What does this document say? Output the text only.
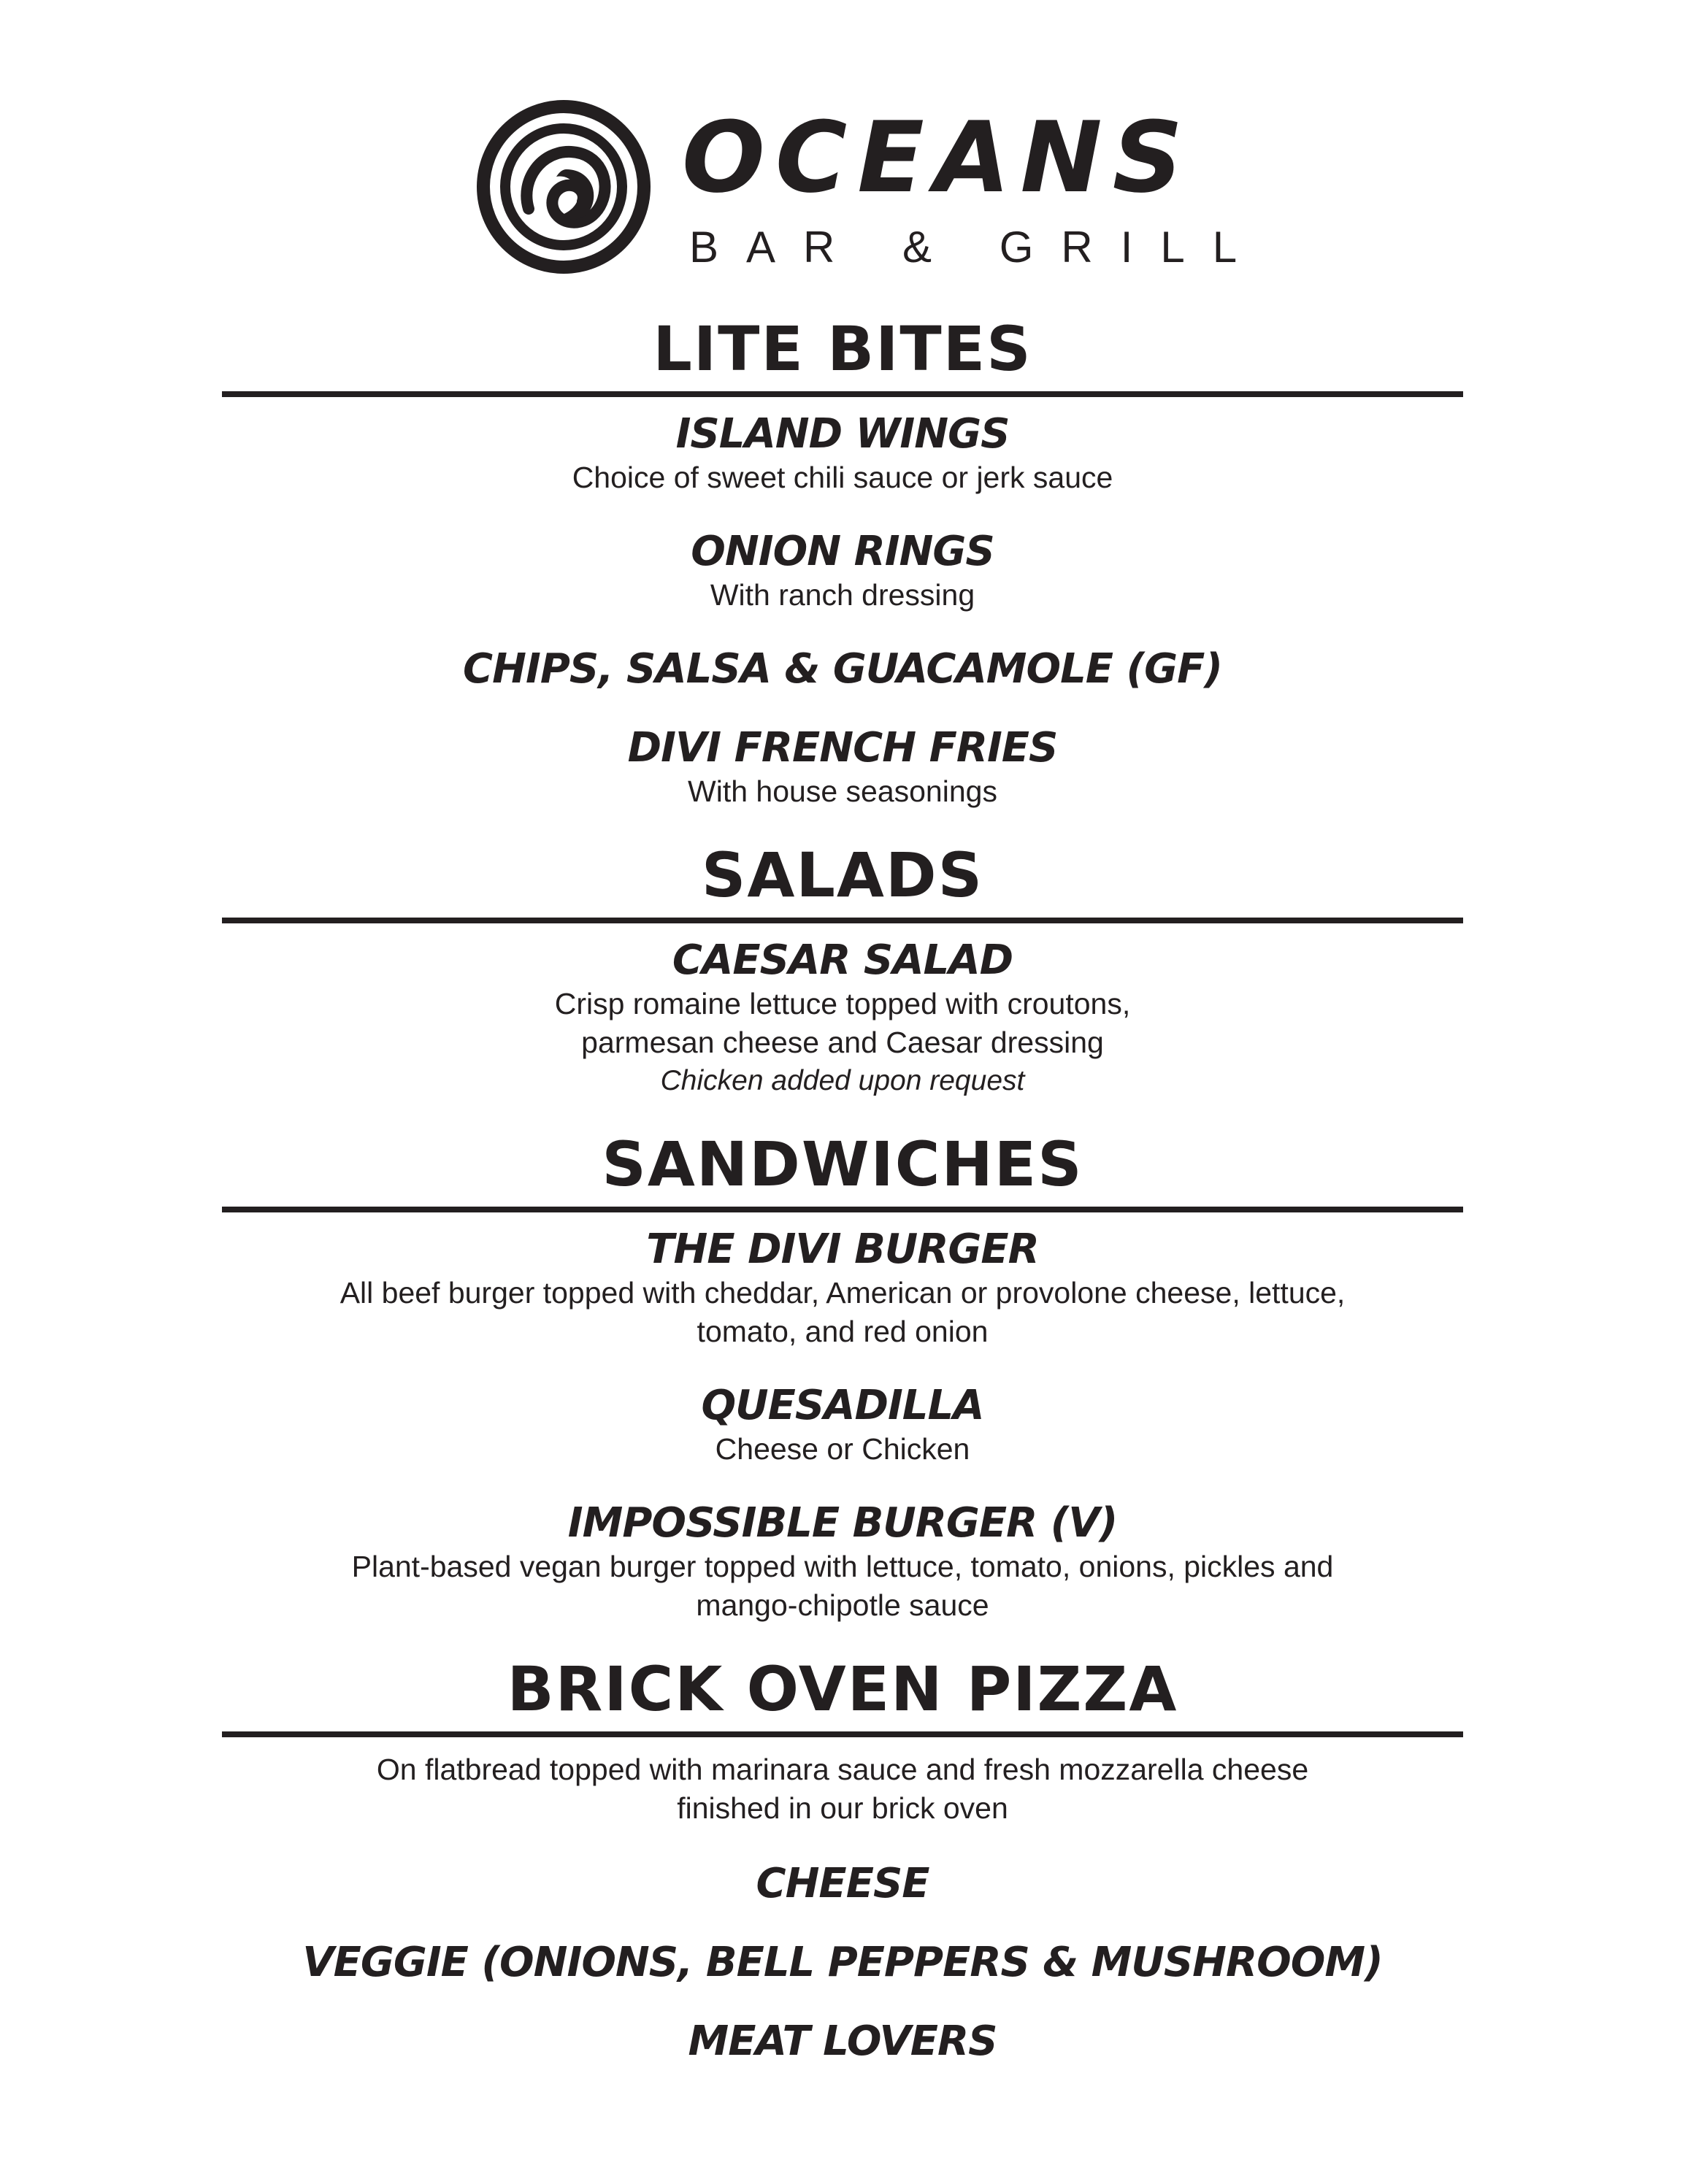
OCEANS
BAR & GRILL
LITE BITES

ISLAND WINGS

Choice of sweet chili sauce or jerk sauce

ONION RINGS

With ranch dressing

CHIPS, SALSA & GUACAMOLE (GF)

DIVI FRENCH FRIES

With house seasonings

SALADS

CAESAR SALAD

Crisp romaine lettuce topped with croutons,

parmesan cheese and Caesar dressing

Chicken added upon request

SANDWICHES

THE DIVI BURGER

All beef burger topped with cheddar, American or provolone cheese, lettuce,

tomato, and red onion

QUESADILLA

Cheese or Chicken

IMPOSSIBLE BURGER (V)

Plant-based vegan burger topped with lettuce, tomato, onions, pickles and

mango-chipotle sauce

BRICK OVEN PIZZA
On flatbread topped with marinara sauce and fresh mozzarella cheese
finished in our brick oven

CHEESE

VEGGIE (ONIONS, BELL PEPPERS & MUSHROOM)

MEAT LOVERS
